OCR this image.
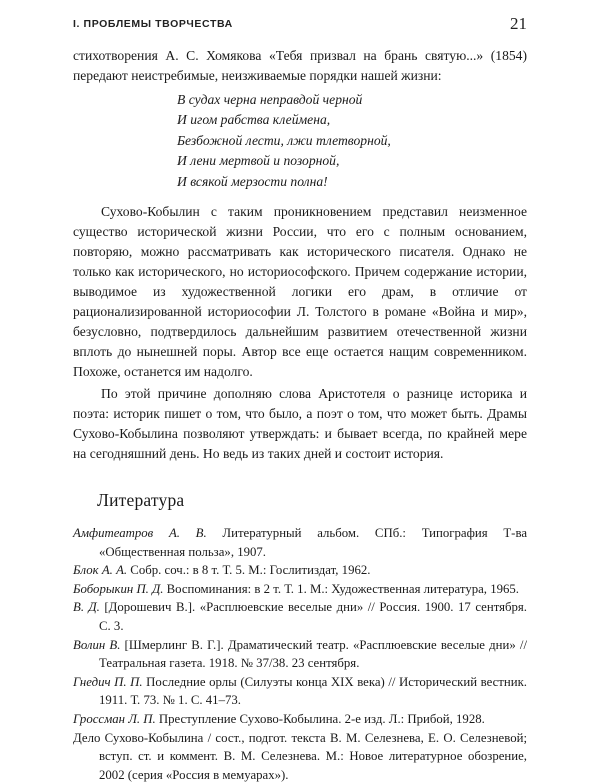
I. ПРОБЛЕМЫ ТВОРЧЕСТВА	21

стихотворения А. С. Хомякова «Тебя призвал на брань святую...» (1854) передают неистребимые, неизживаемые порядки нашей жизни:

В судах черна неправдой черной
И игом рабства клеймена,
Безбожной лести, лжи тлетворной,
И лени мертвой и позорной,
И всякой мерзости полна!

Сухово-Кобылин с таким проникновением представил неизменное существо исторической жизни России, что его с полным основанием, повторяю, можно рассматривать как исторического писателя. Однако не только как исторического, но историософского. Причем содержание истории, выводимое из художественной логики его драм, в отличие от рационализированной историософии Л. Толстого в романе «Война и мир», безусловно, подтвердилось дальнейшим развитием отечественной жизни вплоть до нынешней поры. Автор все еще остается нащим современником. Похоже, останется им надолго.

По этой причине дополняю слова Аристотеля о разнице историка и поэта: историк пишет о том, что было, а поэт о том, что может быть. Драмы Сухово-Кобылина позволяют утверждать: и бывает всегда, по крайней мере на сегодняшний день. Но ведь из таких дней и состоит история.

Литература

Амфитеатров А. В. Литературный альбом. СПб.: Типография Т-ва «Общественная польза», 1907.

Блок А. А. Собр. соч.: в 8 т. Т. 5. М.: Гослитиздат, 1962.

Боборыкин П. Д. Воспоминания: в 2 т. Т. 1. М.: Художественная литература, 1965.

В. Д. [Дорошевич В.]. «Расплюевские веселые дни» // Россия. 1900. 17 сентября. С. 3.

Волин В. [Шмерлинг В. Г.]. Драматический театр. «Расплюевские веселые дни» // Театральная газета. 1918. № 37/38. 23 сентября.

Гнедич П. П. Последние орлы (Силуэты конца XIX века) // Исторический вестник. 1911. Т. 73. № 1. С. 41–73.

Гроссман Л. П. Преступление Сухово-Кобылина. 2-е изд. Л.: Прибой, 1928.

Дело Сухово-Кобылина / сост., подгот. текста В. М. Селезнева, Е. О. Селезневой; вступ. ст. и коммент. В. М. Селезнева. М.: Новое литературное обозрение, 2002 (серия «Россия в мемуарах»).
